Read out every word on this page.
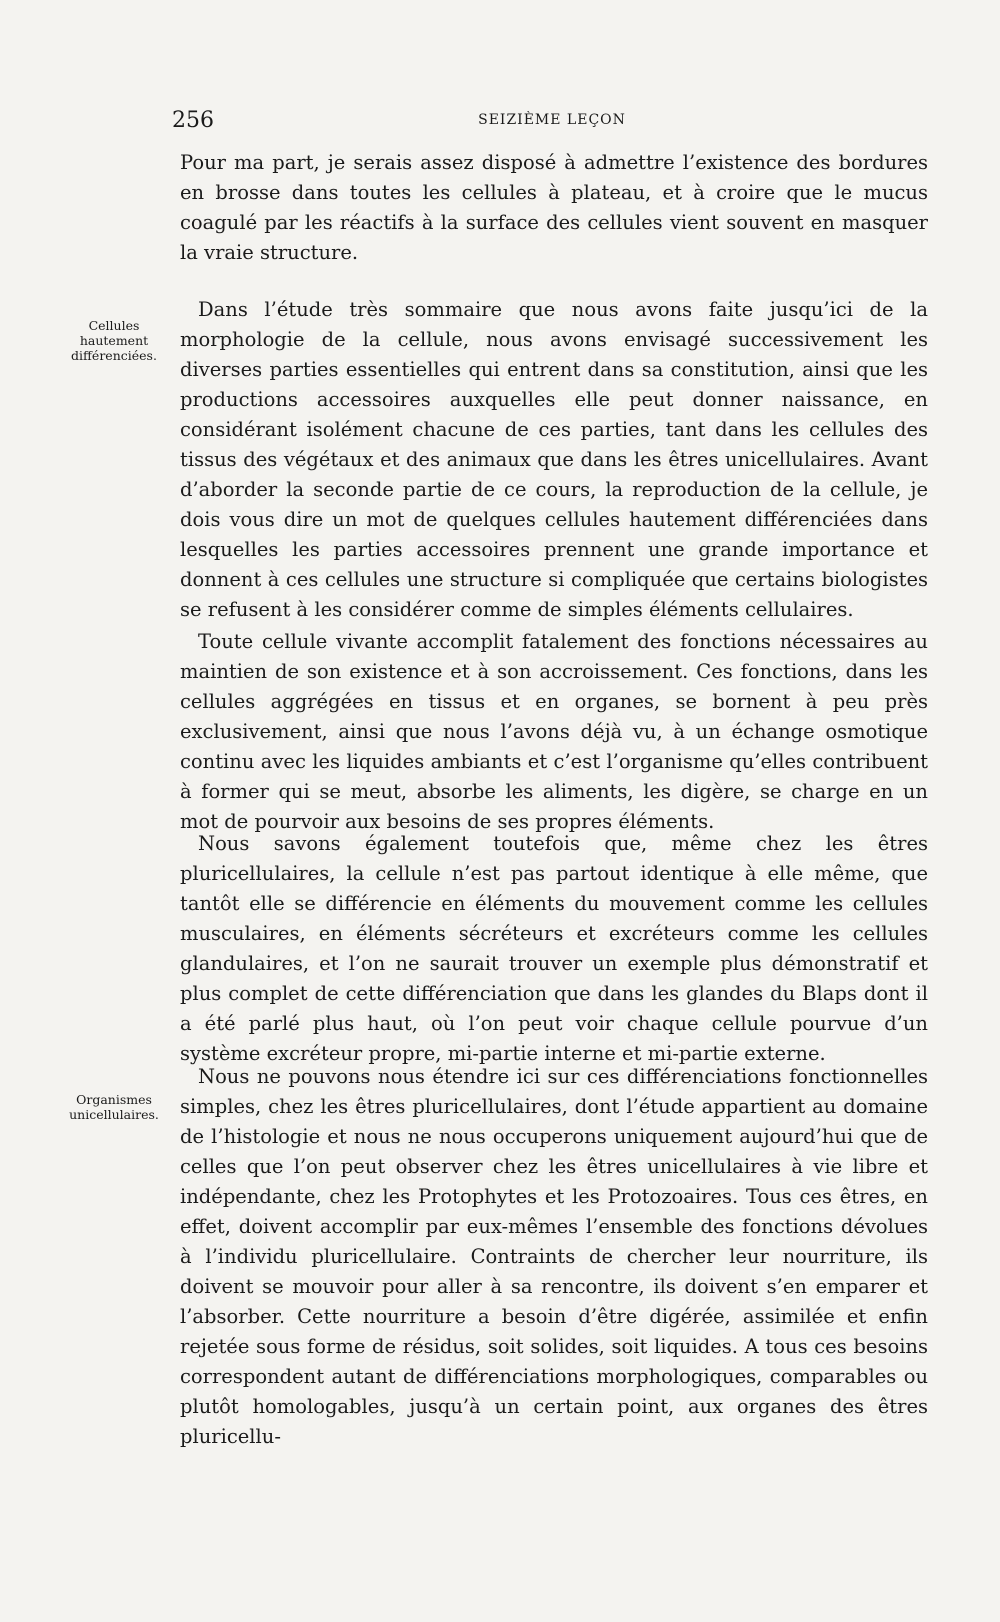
256	SEIZIÈME LEÇON
Cellules hautement différenciées.
Organismes unicellulaires.

Pour ma part, je serais assez disposé à admettre l’existence des bordures en brosse dans toutes les cellules à plateau, et à croire que le mucus coagulé par les réactifs à la surface des cellules vient souvent en masquer la vraie structure.

Dans l’étude très sommaire que nous avons faite jusqu’ici de la morphologie de la cellule, nous avons envisagé successivement les diverses parties essentielles qui entrent dans sa constitution, ainsi que les productions accessoires auxquelles elle peut donner naissance, en considérant isolément chacune de ces parties, tant dans les cellules des tissus des végétaux et des animaux que dans les êtres unicellulaires. Avant d’aborder la seconde partie de ce cours, la reproduction de la cellule, je dois vous dire un mot de quelques cellules hautement différenciées dans lesquelles les parties accessoires prennent une grande importance et donnent à ces cellules une structure si compliquée que certains biologistes se refusent à les considérer comme de simples éléments cellulaires.

Toute cellule vivante accomplit fatalement des fonctions nécessaires au maintien de son existence et à son accroissement. Ces fonctions, dans les cellules aggrégées en tissus et en organes, se bornent à peu près exclusivement, ainsi que nous l’avons déjà vu, à un échange osmotique continu avec les liquides ambiants et c’est l’organisme qu’elles contribuent à former qui se meut, absorbe les aliments, les digère, se charge en un mot de pourvoir aux besoins de ses propres éléments.

Nous savons également toutefois que, même chez les êtres pluricellulaires, la cellule n’est pas partout identique à elle même, que tantôt elle se différencie en éléments du mouvement comme les cellules musculaires, en éléments sécréteurs et excréteurs comme les cellules glandulaires, et l’on ne saurait trouver un exemple plus démonstratif et plus complet de cette différenciation que dans les glandes du Blaps dont il a été parlé plus haut, où l’on peut voir chaque cellule pourvue d’un système excréteur propre, mi-partie interne et mi-partie externe.

Nous ne pouvons nous étendre ici sur ces différenciations fonctionnelles simples, chez les êtres pluricellulaires, dont l’étude appartient au domaine de l’histologie et nous ne nous occuperons uniquement aujourd’hui que de celles que l’on peut observer chez les êtres unicellulaires à vie libre et indépendante, chez les Protophytes et les Protozoaires. Tous ces êtres, en effet, doivent accomplir par eux-mêmes l’ensemble des fonctions dévolues à l’individu pluricellulaire. Contraints de chercher leur nourriture, ils doivent se mouvoir pour aller à sa rencontre, ils doivent s’en emparer et l’absorber. Cette nourriture a besoin d’être digérée, assimilée et enfin rejetée sous forme de résidus, soit solides, soit liquides. A tous ces besoins correspondent autant de différenciations morphologiques, comparables ou plutôt homologables, jusqu’à un certain point, aux organes des êtres pluricellu-
